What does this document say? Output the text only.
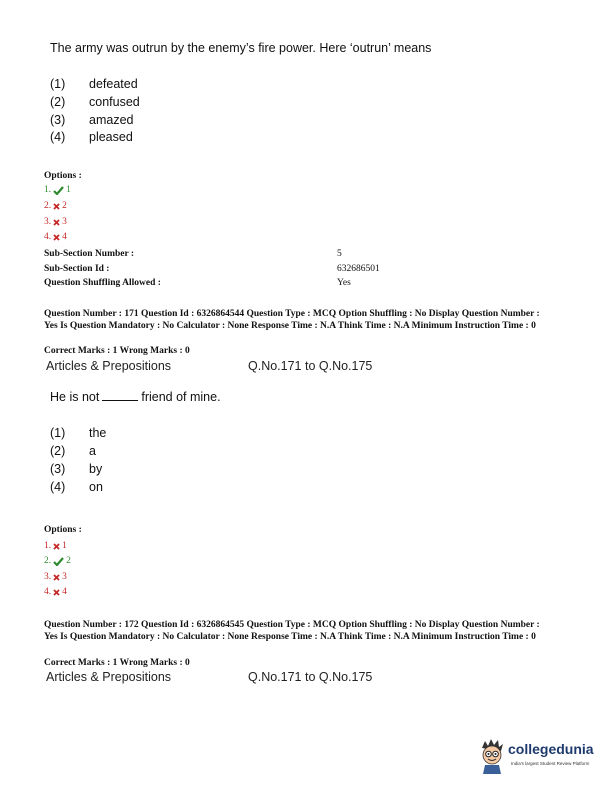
The army was outrun by the enemy’s fire power. Here ‘outrun’ means
(1) defeated
(2) confused
(3) amazed
(4) pleased
Options :
1. 1
2. 2
3. 3
4. 4
Sub-Section Number :	5
Sub-Section Id :	632686501
Question Shuffling Allowed :	Yes
Question Number : 171 Question Id : 6326864544 Question Type : MCQ Option Shuffling : No Display Question Number : Yes Is Question Mandatory : No Calculator : None Response Time : N.A Think Time : N.A Minimum Instruction Time : 0
Correct Marks : 1 Wrong Marks : 0
Articles & Prepositions	Q.No.171 to Q.No.175
He is not	friend of mine.
(1) the
(2) a
(3) by
(4) on
Options :
1. 1
2. 2
3. 3
4. 4
Question Number : 172 Question Id : 6326864545 Question Type : MCQ Option Shuffling : No Display Question Number : Yes Is Question Mandatory : No Calculator : None Response Time : N.A Think Time : N.A Minimum Instruction Time : 0
Correct Marks : 1 Wrong Marks : 0
Articles & Prepositions	Q.No.171 to Q.No.175
collegedunia
India's largest Student Review Platform
